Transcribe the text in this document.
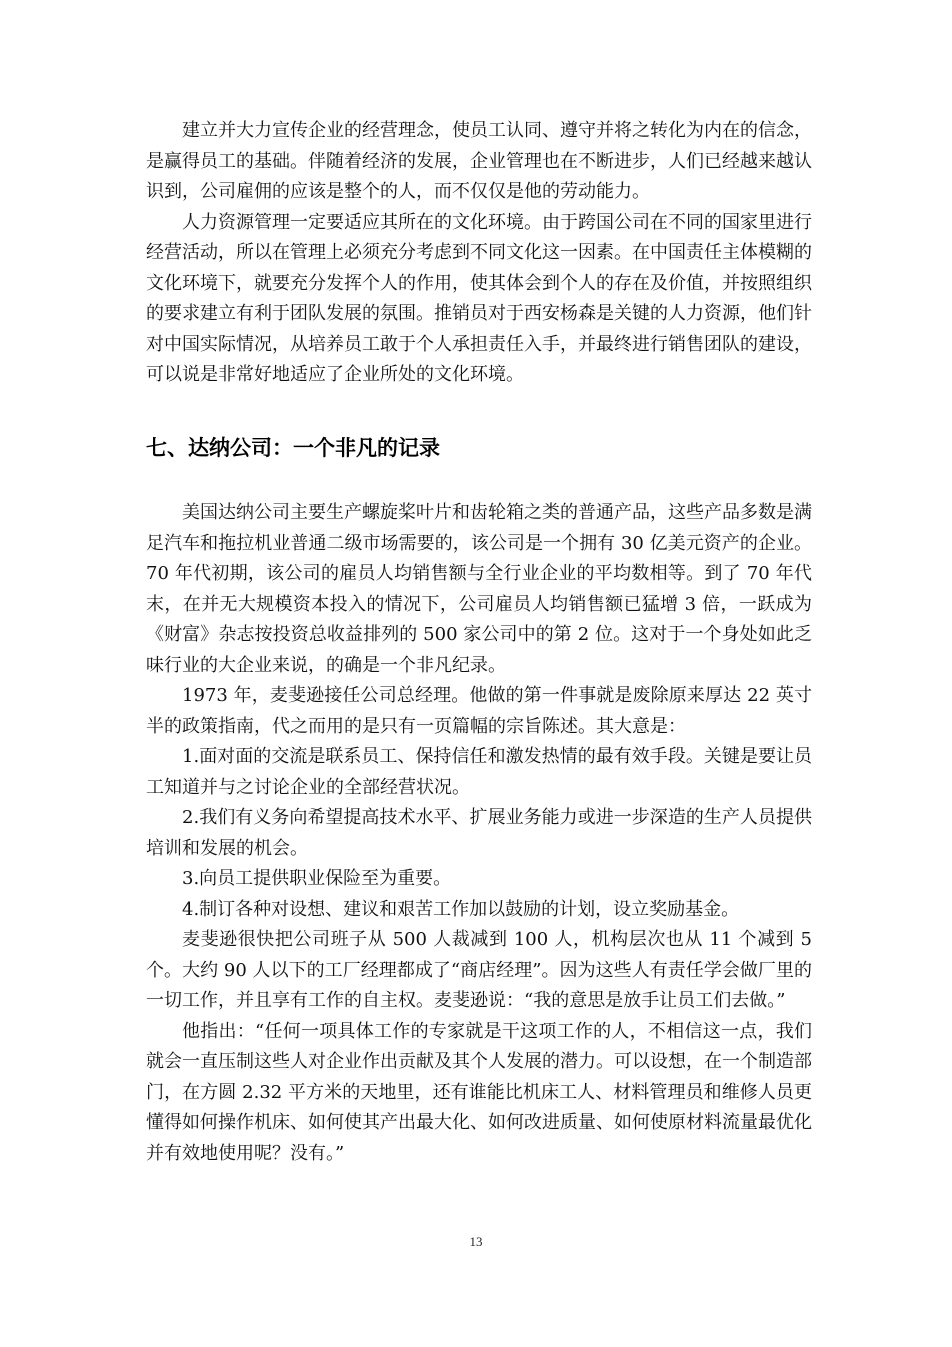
建立并大力宣传企业的经营理念，使员工认同、遵守并将之转化为内在的信念，是赢得员工的基础。伴随着经济的发展，企业管理也在不断进步，人们已经越来越认识到，公司雇佣的应该是整个的人，而不仅仅是他的劳动能力。

人力资源管理一定要适应其所在的文化环境。由于跨国公司在不同的国家里进行经营活动，所以在管理上必须充分考虑到不同文化这一因素。在中国责任主体模糊的文化环境下，就要充分发挥个人的作用，使其体会到个人的存在及价值，并按照组织的要求建立有利于团队发展的氛围。推销员对于西安杨森是关键的人力资源，他们针对中国实际情况，从培养员工敢于个人承担责任入手，并最终进行销售团队的建设，可以说是非常好地适应了企业所处的文化环境。

七、达纳公司：一个非凡的记录

美国达纳公司主要生产螺旋桨叶片和齿轮箱之类的普通产品，这些产品多数是满足汽车和拖拉机业普通二级市场需要的，该公司是一个拥有 30 亿美元资产的企业。70 年代初期，该公司的雇员人均销售额与全行业企业的平均数相等。到了 70 年代末，在并无大规模资本投入的情况下，公司雇员人均销售额已猛增 3 倍，一跃成为《财富》杂志按投资总收益排列的 500 家公司中的第 2 位。这对于一个身处如此乏味行业的大企业来说，的确是一个非凡纪录。

1973 年，麦斐逊接任公司总经理。他做的第一件事就是废除原来厚达 22 英寸半的政策指南，代之而用的是只有一页篇幅的宗旨陈述。其大意是：

1.面对面的交流是联系员工、保持信任和激发热情的最有效手段。关键是要让员工知道并与之讨论企业的全部经营状况。

2.我们有义务向希望提高技术水平、扩展业务能力或进一步深造的生产人员提供培训和发展的机会。

3.向员工提供职业保险至为重要。

4.制订各种对设想、建议和艰苦工作加以鼓励的计划，设立奖励基金。

麦斐逊很快把公司班子从 500 人裁减到 100 人，机构层次也从 11 个减到 5 个。大约 90 人以下的工厂经理都成了“商店经理”。因为这些人有责任学会做厂里的一切工作，并且享有工作的自主权。麦斐逊说：“我的意思是放手让员工们去做。”

他指出：“任何一项具体工作的专家就是干这项工作的人，不相信这一点，我们就会一直压制这些人对企业作出贡献及其个人发展的潜力。可以设想，在一个制造部门，在方圆 2.32 平方米的天地里，还有谁能比机床工人、材料管理员和维修人员更懂得如何操作机床、如何使其产出最大化、如何改进质量、如何使原材料流量最优化并有效地使用呢？没有。”

13
